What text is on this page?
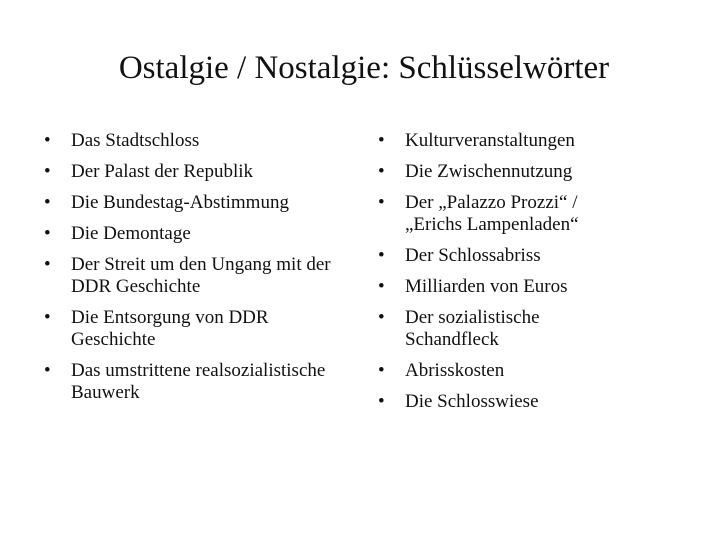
Ostalgie / Nostalgie: Schlüsselwörter
• Das Stadtschloss
• Der Palast der Republik
• Die Bundestag-Abstimmung
• Die Demontage
• Der Streit um den Ungang mit der DDR Geschichte
• Die Entsorgung von DDR Geschichte
• Das umstrittene realsozialistische Bauwerk
• Kulturveranstaltungen
• Die Zwischennutzung
• Der „Palazzo Prozzi“ / „Erichs Lampenladen“
• Der Schlossabriss
• Milliarden von Euros
• Der sozialistische Schandfleck
• Abrisskosten
• Die Schlosswiese
